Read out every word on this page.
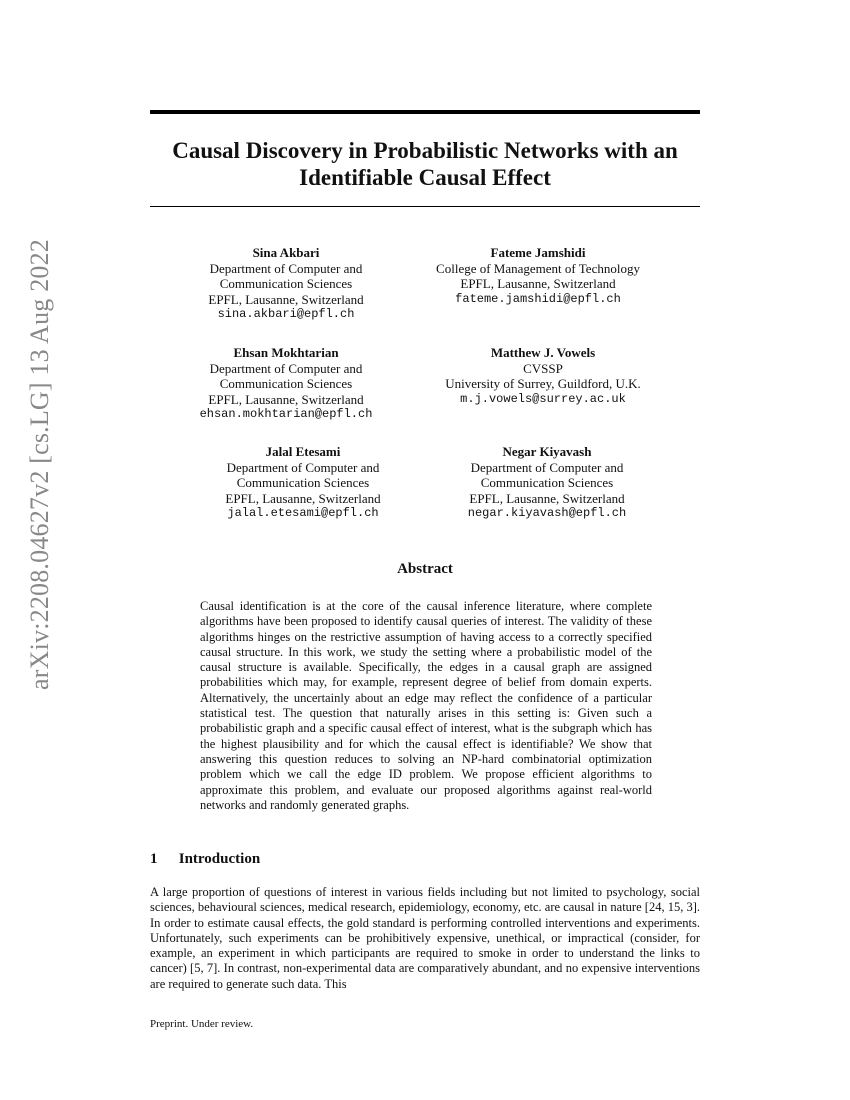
arXiv:2208.04627v2 [cs.LG] 13 Aug 2022
Causal Discovery in Probabilistic Networks with an Identifiable Causal Effect
Sina Akbari
Department of Computer and
Communication Sciences
EPFL, Lausanne, Switzerland
sina.akbari@epfl.ch
Fateme Jamshidi
College of Management of Technology
EPFL, Lausanne, Switzerland
fateme.jamshidi@epfl.ch
Ehsan Mokhtarian
Department of Computer and
Communication Sciences
EPFL, Lausanne, Switzerland
ehsan.mokhtarian@epfl.ch
Matthew J. Vowels
CVSSP
University of Surrey, Guildford, U.K.
m.j.vowels@surrey.ac.uk
Jalal Etesami
Department of Computer and
Communication Sciences
EPFL, Lausanne, Switzerland
jalal.etesami@epfl.ch
Negar Kiyavash
Department of Computer and
Communication Sciences
EPFL, Lausanne, Switzerland
negar.kiyavash@epfl.ch
Abstract
Causal identification is at the core of the causal inference literature, where complete algorithms have been proposed to identify causal queries of interest. The validity of these algorithms hinges on the restrictive assumption of having access to a correctly specified causal structure. In this work, we study the setting where a probabilistic model of the causal structure is available. Specifically, the edges in a causal graph are assigned probabilities which may, for example, represent degree of belief from domain experts. Alternatively, the uncertainly about an edge may reflect the confidence of a particular statistical test. The question that naturally arises in this setting is: Given such a probabilistic graph and a specific causal effect of interest, what is the subgraph which has the highest plausibility and for which the causal effect is identifiable? We show that answering this question reduces to solving an NP-hard combinatorial optimization problem which we call the edge ID problem. We propose efficient algorithms to approximate this problem, and evaluate our proposed algorithms against real-world networks and randomly generated graphs.
1 Introduction
A large proportion of questions of interest in various fields including but not limited to psychology, social sciences, behavioural sciences, medical research, epidemiology, economy, etc. are causal in nature [24, 15, 3]. In order to estimate causal effects, the gold standard is performing controlled interventions and experiments. Unfortunately, such experiments can be prohibitively expensive, unethical, or impractical (consider, for example, an experiment in which participants are required to smoke in order to understand the links to cancer) [5, 7]. In contrast, non-experimental data are comparatively abundant, and no expensive interventions are required to generate such data. This
Preprint. Under review.
